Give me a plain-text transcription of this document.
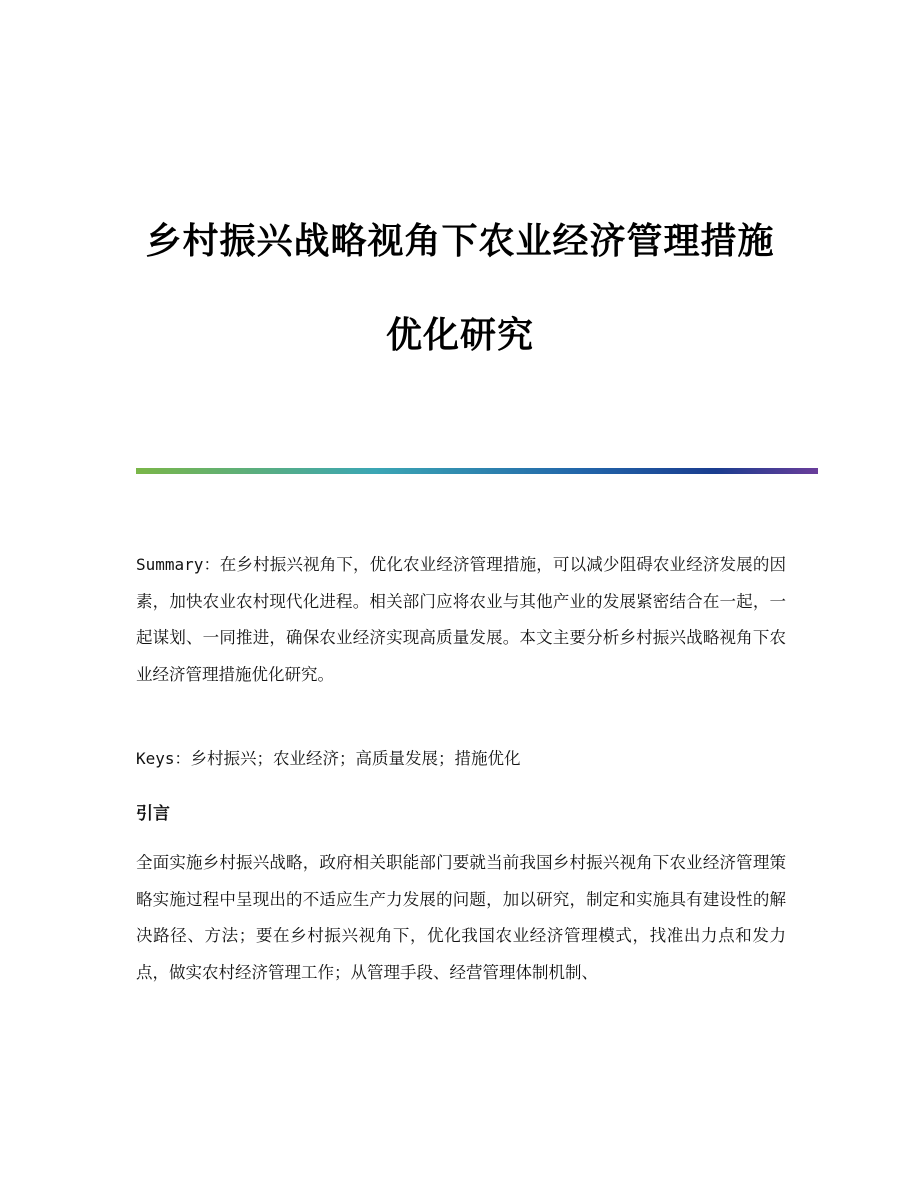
乡村振兴战略视角下农业经济管理措施
优化研究
Summary：在乡村振兴视角下，优化农业经济管理措施，可以减少阻碍农业经济发展的因素，加快农业农村现代化进程。相关部门应将农业与其他产业的发展紧密结合在一起，一起谋划、一同推进，确保农业经济实现高质量发展。本文主要分析乡村振兴战略视角下农业经济管理措施优化研究。
Keys：乡村振兴；农业经济；高质量发展；措施优化
引言
全面实施乡村振兴战略，政府相关职能部门要就当前我国乡村振兴视角下农业经济管理策略实施过程中呈现出的不适应生产力发展的问题，加以研究，制定和实施具有建设性的解决路径、方法；要在乡村振兴视角下，优化我国农业经济管理模式，找准出力点和发力点，做实农村经济管理工作；从管理手段、经营管理体制机制、
